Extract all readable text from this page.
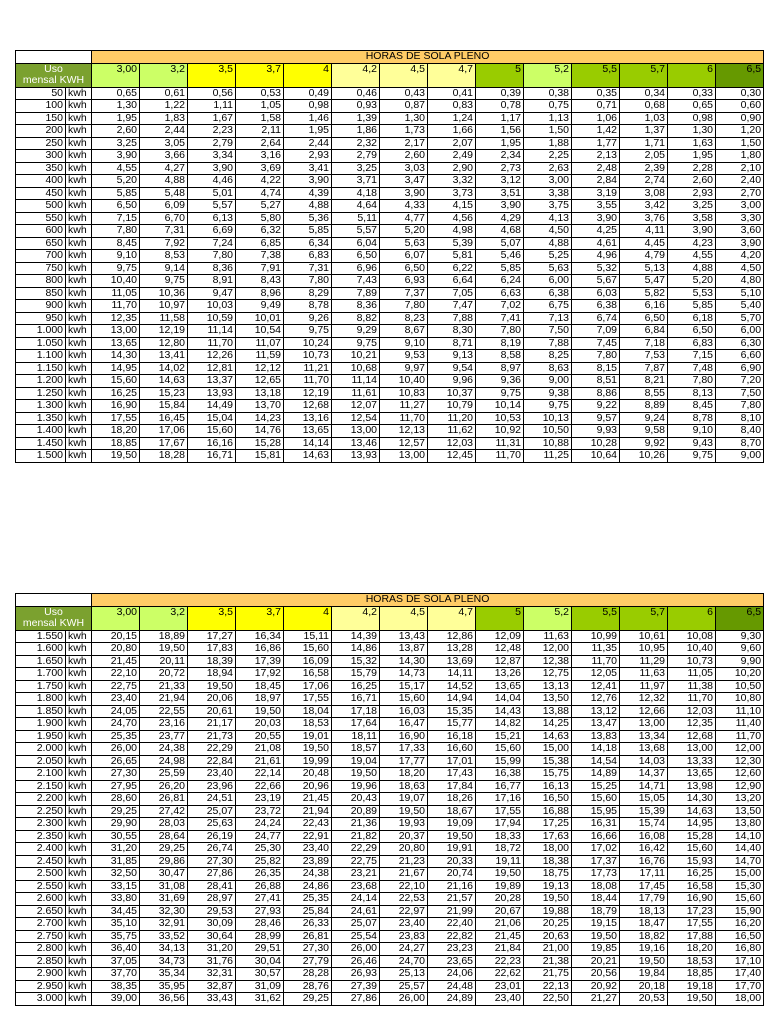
		HORAS DE SOLA PLENO													

Uso
mensal KWH		3,00	3,2	3,5	3,7	4	4,2	4,5	4,7	5	5,2	5,5	5,7	6	6,5

50	kwh	0,65	0,61	0,56	0,53	0,49	0,46	0,43	0,41	0,39	0,38	0,35	0,34	0,33	0,30
100	kwh	1,30	1,22	1,11	1,05	0,98	0,93	0,87	0,83	0,78	0,75	0,71	0,68	0,65	0,60
150	kwh	1,95	1,83	1,67	1,58	1,46	1,39	1,30	1,24	1,17	1,13	1,06	1,03	0,98	0,90
200	kwh	2,60	2,44	2,23	2,11	1,95	1,86	1,73	1,66	1,56	1,50	1,42	1,37	1,30	1,20
250	kwh	3,25	3,05	2,79	2,64	2,44	2,32	2,17	2,07	1,95	1,88	1,77	1,71	1,63	1,50
300	kwh	3,90	3,66	3,34	3,16	2,93	2,79	2,60	2,49	2,34	2,25	2,13	2,05	1,95	1,80
350	kwh	4,55	4,27	3,90	3,69	3,41	3,25	3,03	2,90	2,73	2,63	2,48	2,39	2,28	2,10
400	kwh	5,20	4,88	4,46	4,22	3,90	3,71	3,47	3,32	3,12	3,00	2,84	2,74	2,60	2,40
450	kwh	5,85	5,48	5,01	4,74	4,39	4,18	3,90	3,73	3,51	3,38	3,19	3,08	2,93	2,70
500	kwh	6,50	6,09	5,57	5,27	4,88	4,64	4,33	4,15	3,90	3,75	3,55	3,42	3,25	3,00
550	kwh	7,15	6,70	6,13	5,80	5,36	5,11	4,77	4,56	4,29	4,13	3,90	3,76	3,58	3,30
600	kwh	7,80	7,31	6,69	6,32	5,85	5,57	5,20	4,98	4,68	4,50	4,25	4,11	3,90	3,60
650	kwh	8,45	7,92	7,24	6,85	6,34	6,04	5,63	5,39	5,07	4,88	4,61	4,45	4,23	3,90
700	kwh	9,10	8,53	7,80	7,38	6,83	6,50	6,07	5,81	5,46	5,25	4,96	4,79	4,55	4,20
750	kwh	9,75	9,14	8,36	7,91	7,31	6,96	6,50	6,22	5,85	5,63	5,32	5,13	4,88	4,50
800	kwh	10,40	9,75	8,91	8,43	7,80	7,43	6,93	6,64	6,24	6,00	5,67	5,47	5,20	4,80
850	kwh	11,05	10,36	9,47	8,96	8,29	7,89	7,37	7,05	6,63	6,38	6,03	5,82	5,53	5,10
900	kwh	11,70	10,97	10,03	9,49	8,78	8,36	7,80	7,47	7,02	6,75	6,38	6,16	5,85	5,40
950	kwh	12,35	11,58	10,59	10,01	9,26	8,82	8,23	7,88	7,41	7,13	6,74	6,50	6,18	5,70
1.000	kwh	13,00	12,19	11,14	10,54	9,75	9,29	8,67	8,30	7,80	7,50	7,09	6,84	6,50	6,00
1.050	kwh	13,65	12,80	11,70	11,07	10,24	9,75	9,10	8,71	8,19	7,88	7,45	7,18	6,83	6,30
1.100	kwh	14,30	13,41	12,26	11,59	10,73	10,21	9,53	9,13	8,58	8,25	7,80	7,53	7,15	6,60
1.150	kwh	14,95	14,02	12,81	12,12	11,21	10,68	9,97	9,54	8,97	8,63	8,15	7,87	7,48	6,90
1.200	kwh	15,60	14,63	13,37	12,65	11,70	11,14	10,40	9,96	9,36	9,00	8,51	8,21	7,80	7,20
1.250	kwh	16,25	15,23	13,93	13,18	12,19	11,61	10,83	10,37	9,75	9,38	8,86	8,55	8,13	7,50
1.300	kwh	16,90	15,84	14,49	13,70	12,68	12,07	11,27	10,79	10,14	9,75	9,22	8,89	8,45	7,80
1.350	kwh	17,55	16,45	15,04	14,23	13,16	12,54	11,70	11,20	10,53	10,13	9,57	9,24	8,78	8,10
1.400	kwh	18,20	17,06	15,60	14,76	13,65	13,00	12,13	11,62	10,92	10,50	9,93	9,58	9,10	8,40
1.450	kwh	18,85	17,67	16,16	15,28	14,14	13,46	12,57	12,03	11,31	10,88	10,28	9,92	9,43	8,70
1.500	kwh	19,50	18,28	16,71	15,81	14,63	13,93	13,00	12,45	11,70	11,25	10,64	10,26	9,75	9,00
		HORAS DE SOLA PLENO													

Uso
mensal KWH		3,00	3,2	3,5	3,7	4	4,2	4,5	4,7	5	5,2	5,5	5,7	6	6,5

1.550	kwh	20,15	18,89	17,27	16,34	15,11	14,39	13,43	12,86	12,09	11,63	10,99	10,61	10,08	9,30
1.600	kwh	20,80	19,50	17,83	16,86	15,60	14,86	13,87	13,28	12,48	12,00	11,35	10,95	10,40	9,60
1.650	kwh	21,45	20,11	18,39	17,39	16,09	15,32	14,30	13,69	12,87	12,38	11,70	11,29	10,73	9,90
1.700	kwh	22,10	20,72	18,94	17,92	16,58	15,79	14,73	14,11	13,26	12,75	12,05	11,63	11,05	10,20
1.750	kwh	22,75	21,33	19,50	18,45	17,06	16,25	15,17	14,52	13,65	13,13	12,41	11,97	11,38	10,50
1.800	kwh	23,40	21,94	20,06	18,97	17,55	16,71	15,60	14,94	14,04	13,50	12,76	12,32	11,70	10,80
1.850	kwh	24,05	22,55	20,61	19,50	18,04	17,18	16,03	15,35	14,43	13,88	13,12	12,66	12,03	11,10
1.900	kwh	24,70	23,16	21,17	20,03	18,53	17,64	16,47	15,77	14,82	14,25	13,47	13,00	12,35	11,40
1.950	kwh	25,35	23,77	21,73	20,55	19,01	18,11	16,90	16,18	15,21	14,63	13,83	13,34	12,68	11,70
2.000	kwh	26,00	24,38	22,29	21,08	19,50	18,57	17,33	16,60	15,60	15,00	14,18	13,68	13,00	12,00
2.050	kwh	26,65	24,98	22,84	21,61	19,99	19,04	17,77	17,01	15,99	15,38	14,54	14,03	13,33	12,30
2.100	kwh	27,30	25,59	23,40	22,14	20,48	19,50	18,20	17,43	16,38	15,75	14,89	14,37	13,65	12,60
2.150	kwh	27,95	26,20	23,96	22,66	20,96	19,96	18,63	17,84	16,77	16,13	15,25	14,71	13,98	12,90
2.200	kwh	28,60	26,81	24,51	23,19	21,45	20,43	19,07	18,26	17,16	16,50	15,60	15,05	14,30	13,20
2.250	kwh	29,25	27,42	25,07	23,72	21,94	20,89	19,50	18,67	17,55	16,88	15,95	15,39	14,63	13,50
2.300	kwh	29,90	28,03	25,63	24,24	22,43	21,36	19,93	19,09	17,94	17,25	16,31	15,74	14,95	13,80
2.350	kwh	30,55	28,64	26,19	24,77	22,91	21,82	20,37	19,50	18,33	17,63	16,66	16,08	15,28	14,10
2.400	kwh	31,20	29,25	26,74	25,30	23,40	22,29	20,80	19,91	18,72	18,00	17,02	16,42	15,60	14,40
2.450	kwh	31,85	29,86	27,30	25,82	23,89	22,75	21,23	20,33	19,11	18,38	17,37	16,76	15,93	14,70
2.500	kwh	32,50	30,47	27,86	26,35	24,38	23,21	21,67	20,74	19,50	18,75	17,73	17,11	16,25	15,00
2.550	kwh	33,15	31,08	28,41	26,88	24,86	23,68	22,10	21,16	19,89	19,13	18,08	17,45	16,58	15,30
2.600	kwh	33,80	31,69	28,97	27,41	25,35	24,14	22,53	21,57	20,28	19,50	18,44	17,79	16,90	15,60
2.650	kwh	34,45	32,30	29,53	27,93	25,84	24,61	22,97	21,99	20,67	19,88	18,79	18,13	17,23	15,90
2.700	kwh	35,10	32,91	30,09	28,46	26,33	25,07	23,40	22,40	21,06	20,25	19,15	18,47	17,55	16,20
2.750	kwh	35,75	33,52	30,64	28,99	26,81	25,54	23,83	22,82	21,45	20,63	19,50	18,82	17,88	16,50
2.800	kwh	36,40	34,13	31,20	29,51	27,30	26,00	24,27	23,23	21,84	21,00	19,85	19,16	18,20	16,80
2.850	kwh	37,05	34,73	31,76	30,04	27,79	26,46	24,70	23,65	22,23	21,38	20,21	19,50	18,53	17,10
2.900	kwh	37,70	35,34	32,31	30,57	28,28	26,93	25,13	24,06	22,62	21,75	20,56	19,84	18,85	17,40
2.950	kwh	38,35	35,95	32,87	31,09	28,76	27,39	25,57	24,48	23,01	22,13	20,92	20,18	19,18	17,70
3.000	kwh	39,00	36,56	33,43	31,62	29,25	27,86	26,00	24,89	23,40	22,50	21,27	20,53	19,50	18,00
